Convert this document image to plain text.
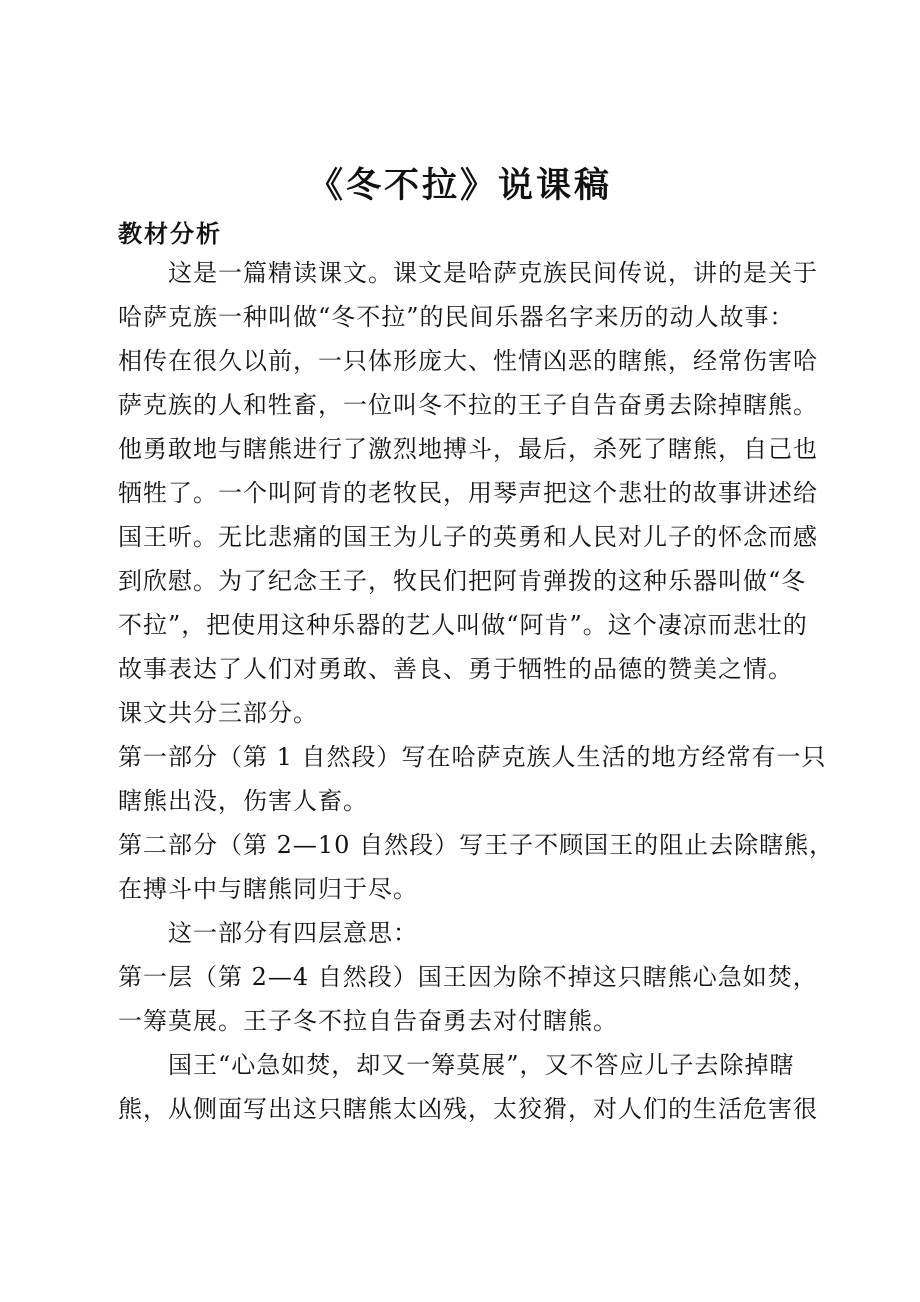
《冬不拉》说课稿
教材分析
这是一篇精读课文。课文是哈萨克族民间传说，讲的是关于
哈萨克族一种叫做“冬不拉”的民间乐器名字来历的动人故事：
相传在很久以前，一只体形庞大、性情凶恶的瞎熊，经常伤害哈
萨克族的人和牲畜，一位叫冬不拉的王子自告奋勇去除掉瞎熊。
他勇敢地与瞎熊进行了激烈地搏斗，最后，杀死了瞎熊，自己也
牺牲了。一个叫阿肯的老牧民，用琴声把这个悲壮的故事讲述给
国王听。无比悲痛的国王为儿子的英勇和人民对儿子的怀念而感
到欣慰。为了纪念王子，牧民们把阿肯弹拨的这种乐器叫做“冬
不拉”，把使用这种乐器的艺人叫做“阿肯”。这个凄凉而悲壮的
故事表达了人们对勇敢、善良、勇于牺牲的品德的赞美之情。
课文共分三部分。
第一部分（第 1 自然段）写在哈萨克族人生活的地方经常有一只
瞎熊出没，伤害人畜。
第二部分（第 2—10 自然段）写王子不顾国王的阻止去除瞎熊，
在搏斗中与瞎熊同归于尽。
这一部分有四层意思：
第一层（第 2—4 自然段）国王因为除不掉这只瞎熊心急如焚，
一筹莫展。王子冬不拉自告奋勇去对付瞎熊。
国王“心急如焚，却又一筹莫展”，又不答应儿子去除掉瞎
熊，从侧面写出这只瞎熊太凶残，太狡猾，对人们的生活危害很
